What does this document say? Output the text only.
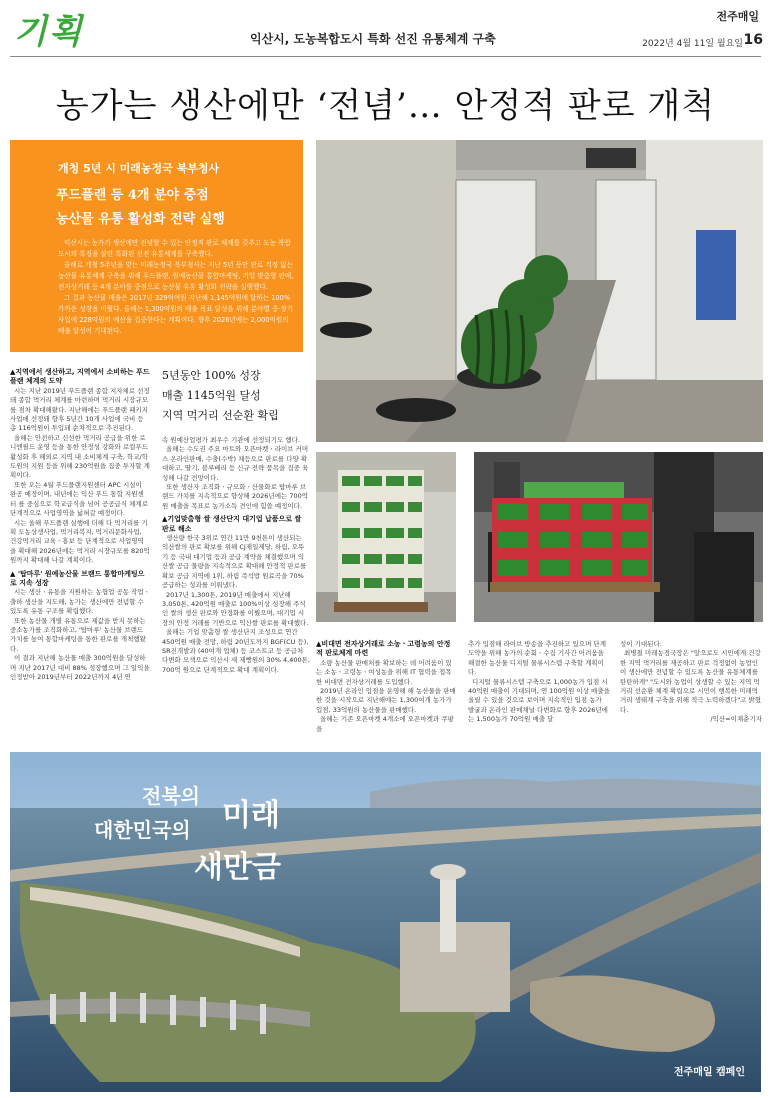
기획	익산시, 도농복합도시 특화 선진 유통체계 구축
전주매일
2022년 4월 11일 월요일 16
농가는 생산에만 ‘전념’… 안정적 판로 개척
개청 5년 시 미래농정국 북부청사
푸드플랜 등 4개 분야 중점
농산물 유통 활성화 전략 실행
익산시는 농가가 생산에만 전념할 수 있는 안정적 판로 체계를 갖추고 도농 복합도시의 특징을 살린 특화된 선진 유통체계를 구축했다.
올해로 개청 5주년을 맞는 미래농정국 북부청사는 지난 5년 동안 판로 걱정 없는 농산물 유통체계 구축을 위해 푸드플랜, 원예농산물 통합마케팅, 기업 맞춤형 판매, 전자상거래 등 4개 분야를 중점으로 농산물 유통 활성화 전략을 실행했다.
그 결과 농산물 매출은 2017년 329억여원 지난해 1,145억원에 달하는 100% 가까운 성장을 이뤘다. 올해는 1,300억원의 매출 목표 달성을 위해 분야별 중·장기 사업에 228억원의 예산을 집중한다는 계획이다. 향후 2026년에는 2,000억원의 매출 달성이 기대된다.
▲지역에서 생산하고, 지역에서 소비하는 푸드플랜 체계의 도약
시는 지난 2019년 푸드플랜 종합 지자체로 선정돼 종합 먹거리 체계를 마련하며 먹거리 시장규모를 점차 확대해왔다. 지난해에는 푸드플랜 패키지 사업에 선정돼 향후 5년간 10개 사업에 국비 등 총 116억원이 투입돼 순차적으로 추진된다.
올해는 안전하고 신선한 먹거리 공급을 위한 로니엔필드 운영 등을 통한 안정성 강화와 로컬푸드 활성화 후 해외로 지역 내 소비체계 구축, 학교/학도원의 지원 등을 위해 230억원을 집중 투자할 계획이다.
또한 오는 4월 푸드플랜지원센터 APC 시설이 완공 예정이며, 내년에는 익산 푸드 통합 지원센터 를 중심으로 학교급식을 넘어 공공급식 체계로 단계적으로 사업영역을 넓혀갈 예정이다.
시는 올해 푸드플랜 실행에 더해 다 먹거리를 기획 도농상생사업, 먹거리복지, 먹거리문화사업, 건강먹거리 교육ㆍ홍보 등 단계적으로 사업영역을 확대해 2026년에는 먹거리 시장규모를 820억원까지 확대해 나갈 계획이다.
▲ '탑마루' 원예농산물 브랜드 통합마케팅으로 지속 성장
시는 생산ㆍ유통을 지원하는 농협업 공동 작업ㆍ출하 생산을 지도해, 농가는 생산에만 전념할 수 있도록 유통 구조를 확립했다.
또한 농산물 개별 유통으로 제값을 받지 못하는 중소농가를 조직화하고, '탑마루' 농산물 브랜드 가치를 높여 통합마케팅을 통한 판로를 개척했왔다.
이 결과 지난해 농산물 매출 300억원을 달성하며 지난 2017년 대비 88% 성장했으며 그 일익을 인정받아 2019년부터 2022년까지 4년 연
5년동안 100% 성장
매출 1145억원 달성
지역 먹거리 선순환 확립
속 원예산업평가 최우수 기관에 선정되기도 했다.
올해는 수도권 주요 마트와 오픈마켓ㆍ라이브 커머스 온라인판매, 수출(수박) 채등으로 판로를 다양 확대하고, 딸기, 블루베리 등 신규 전략 품목을 집중 육성해 나갈 전망이다.
또한 생산자 조직화ㆍ규모화ㆍ산물화로 탑마루 브랜드 가치를 지속적으로 향상해 2026년에는 700억원 매출을 목표로 농가소득 견인에 힘쓸 예정이다.
▲기업맞춤형 쌀 생산단지 대기업 납품으로 쌀 판로 해소
생산량 한국 3위로 연간 11만 9천톤이 생산되는 익산쌀의 판로 확보를 위해 CJ제일제당, 하림, 오뚜기 등 국내 대기업 등과 공급 계약을 체결했으며 익산쌀 공급 물량을 지속적으로 확대해 안정적 판로를 확보 공급 지역에 1위, 하림 즉석밥 원료곡을 70% 공급하는 성과를 이뤄냈다.
2017년 1,300톤, 2019년 매출에서 지난해 3,050톤, 420억원 매출로 100%이상 성장해 주식인 쌀의 생산 판로와 안정화를 이뤘으며, 대기업 시장의 안정 거래를 기반으로 익산쌀 판로를 확대했다.
올해는 기업 맞춤형 쌀 생산단지 조성으로 연간 450억원 매출 전망, 하림 20년도까지 BGF(CU 등), SR진개발과 (40여개 업체) 등 코스트코 등 공급처 다변화 모색으로 익산시 새 제빵원의 30% 4,400톤, 700억 원으로 단계적으로 확대 계획이다.
▲비대면 전자상거래로 소농ㆍ고령농의 안정적 판로체계 마련
소량 농산물 판매처를 확보하는 데 어려움이 있는 소농ㆍ고령농ㆍ여성농을 위해 IT 협력을 접목한 비대면 전자상거래를 도입했다.
2019년 온라인 입점을 운영해 해 농산물을 판매한 것을 시작으로 지난해에는 1,300여개 농가가 입점, 33억원의 농산물을 판매했다.
올해는 기존 오픈마켓 4개소에 오픈마켓과 쿠팡을
추가 입점해 라이브 방송을 추진하고 있으며 단계 도약을 위해 농가의 순회ㆍ수집 기사간 어려움을 해결한 농산물 디지털 물류시스템 구축할 계획이다.
디지털 물류시스템 구축으로 1,000농가 입점 시 40억원 매출이 기대되며, 연 100억원 이상 매출을 올릴 수 있을 것으로 보이며 지속적인 입점 농가 발굴과 온라인 판매채널 다변화로 향후 2026년에는 1,500농가 70억원 매출 달
성이 기대된다.
최병철 미래농정국장은 "앞으로도 시민에게 건강한 지역 먹거리를 제공하고 판로 걱정없이 농업인이 생산에만 전념할 수 있도록 농산물 유통체계를 탄탄하게" "도시와 농업이 상생할 수 있는 지역 먹거리 선순환 체계 확립으로 시민이 행복한 미래먹거리 생태계 구축을 위해 적극 노력하겠다"고 밝혔다.
/익산=이재춘기자
전북의
대한민국의 미래
새만금
전주매일 캠페인
